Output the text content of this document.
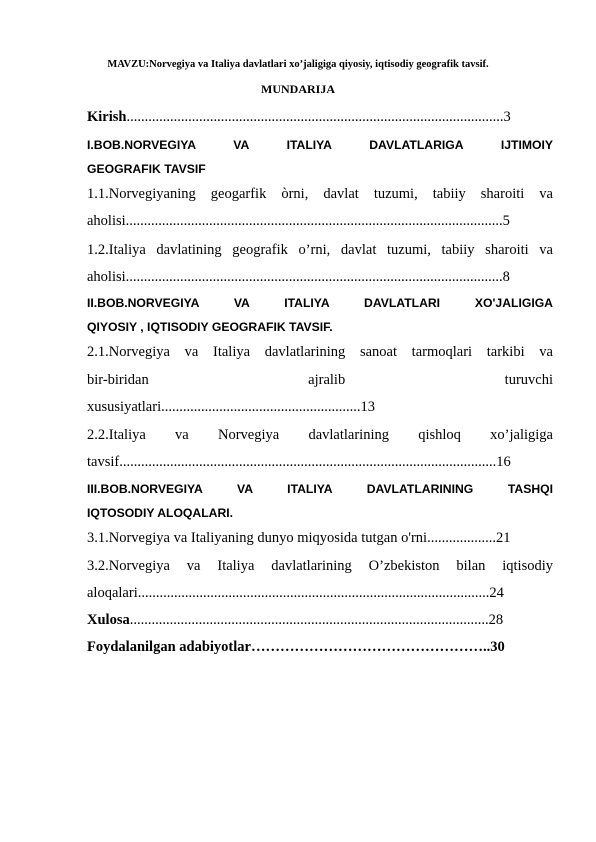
MAVZU:Norvegiya va Italiya davlatlari xo’jaligiga qiyosiy, iqtisodiy geografik tavsif.
MUNDARIJA
Kirish........................................................................................................3
I.BOB.NORVEGIYA VA ITALIYA DAVLATLARIGA IJTIMOIY
GEOGRAFIK TAVSIF
1.1.Norvegiyaning geogarfik òrni, davlat tuzumi, tabiiy sharoiti va
aholisi........................................................................................................5
1.2.Italiya davlatining geografik o’rni, davlat tuzumi, tabiiy sharoiti va
aholisi........................................................................................................8
II.BOB.NORVEGIYA VA ITALIYA DAVLATLARI XO'JALIGIGA
QIYOSIY , IQTISODIY GEOGRAFIK TAVSIF.
2.1.Norvegiya va Italiya davlatlarining sanoat tarmoqlari tarkibi va
bir-biridan ajralib turuvchi
xususiyatlari.......................................................13
2.2.Italiya va Norvegiya davlatlarining qishloq xo’jaligiga
tavsif........................................................................................................16
III.BOB.NORVEGIYA VA ITALIYA DAVLATLARINING TASHQI
IQTOSODIY ALOQALARI.
3.1.Norvegiya va Italiyaning dunyo miqyosida tutgan o'rni...................21
3.2.Norvegiya va Italiya davlatlarining O’zbekiston bilan iqtisodiy
aloqalari.................................................................................................24
Xulosa...................................................................................................28
Foydalanilgan adabiyotlar…………………………………………..30
